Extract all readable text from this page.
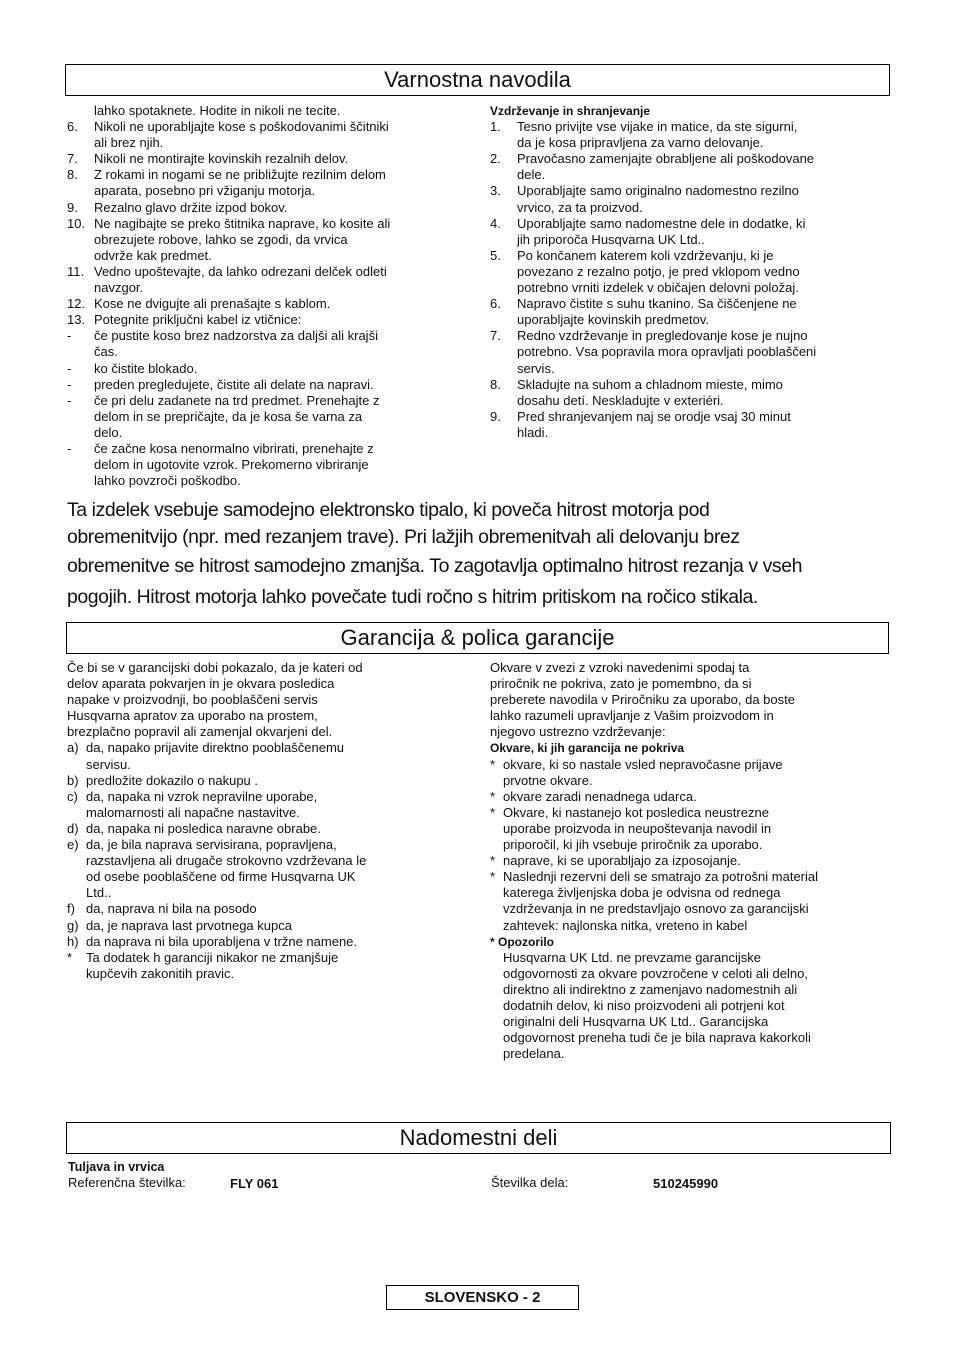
Varnostna navodila
lahko spotaknete. Hodite in nikoli ne tecite.
6. Nikoli ne uporabljajte kose s poškodovanimi ščitniki
ali brez njih.
7. Nikoli ne montirajte kovinskih rezalnih delov.
8. Z rokami in nogami se ne približujte rezilnim delom
aparata, posebno pri vžiganju motorja.
9. Rezalno glavo držite izpod bokov.
10. Ne nagibajte se preko štitnika naprave, ko kosite ali
obrezujete robove, lahko se zgodi, da vrvica
odvrže kak predmet.
11. Vedno upoštevajte, da lahko odrezani delček odleti
navzgor.
12. Kose ne dvigujte ali prenašajte s kablom.
13. Potegnite priključni kabel iz vtičnice:
- če pustite koso brez nadzorstva za daljši ali krajši
čas.
- ko čistite blokado.
- preden pregledujete, čistite ali delate na napravi.
- če pri delu zadanete na trd predmet. Prenehajte z
delom in se prepričajte, da je kosa še varna za
delo.
- če začne kosa nenormalno vibrirati, prenehajte z
delom in ugotovite vzrok. Prekomerno vibriranje
lahko povzroči poškodbo.
Vzdrževanje in shranjevanje
1. Tesno privijte vse vijake in matice, da ste sigurni,
da je kosa pripravljena za varno delovanje.
2. Pravočasno zamenjajte obrabljene ali poškodovane
dele.
3. Uporabljajte samo originalno nadomestno rezilno
vrvico, za ta proizvod.
4. Uporabljajte samo nadomestne dele in dodatke, ki
jih priporoča Husqvarna UK Ltd..
5. Po končanem katerem koli vzdrževanju, ki je
povezano z rezalno potjo, je pred vklopom vedno
potrebno vrniti izdelek v običajen delovni položaj.
6. Napravo čistite s suhu tkanino. Sa čiščenjene ne
uporabljajte kovinskih predmetov.
7. Redno vzdrževanje in pregledovanje kose je nujno
potrebno. Vsa popravila mora opravljati pooblaščeni
servis.
8. Skladujte na suhom a chladnom mieste, mimo
dosahu detí. Neskladujte v exteriéri.
9. Pred shranjevanjem naj se orodje vsaj 30 minut
hladi.

Ta izdelek vsebuje samodejno elektronsko tipalo, ki poveča hitrost motorja pod

obremenitvijo (npr. med rezanjem trave). Pri lažjih obremenitvah ali delovanju brez

obremenitve se hitrost samodejno zmanjša. To zagotavlja optimalno hitrost rezanja v vseh

pogojih. Hitrost motorja lahko povečate tudi ročno s hitrim pritiskom na ročico stikala.

Garancija & polica garancije
Če bi se v garancijski dobi pokazalo, da je kateri od
delov aparata pokvarjen in je okvara posledica
napake v proizvodnji, bo pooblaščeni servis
Husqvarna apratov za uporabo na prostem,
brezplačno popravil ali zamenjal okvarjeni del.
a) da, napako prijavite direktno pooblaščenemu
servisu.
b) predložite dokazilo o nakupu .
c) da, napaka ni vzrok nepravilne uporabe,
malomarnosti ali napačne nastavitve.
d) da, napaka ni posledica naravne obrabe.
e) da, je bila naprava servisirana, popravljena,
razstavljena ali drugače strokovno vzdrževana le
od osebe pooblaščene od firme Husqvarna UK
Ltd..
f) da, naprava ni bila na posodo
g) da, je naprava last prvotnega kupca
h) da naprava ni bila uporabljena v tržne namene.
* Ta dodatek h garanciji nikakor ne zmanjšuje
kupčevih zakonitih pravic.
Okvare v zvezi z vzroki navedenimi spodaj ta
priročnik ne pokriva, zato je pomembno, da si
preberete navodila v Priročniku za uporabo, da boste
lahko razumeli upravljanje z Vašim proizvodom in
njegovo ustrezno vzdrževanje:
Okvare, ki jih garancija ne pokriva
* okvare, ki so nastale vsled nepravočasne prijave
prvotne okvare.
* okvare zaradi nenadnega udarca.
* Okvare, ki nastanejo kot posledica neustrezne
uporabe proizvoda in neupoštevanja navodil in
priporočil, ki jih vsebuje priročnik za uporabo.
* naprave, ki se uporabljajo za izposojanje.
* Naslednji rezervni deli se smatrajo za potrošni material
katerega življenjska doba je odvisna od rednega
vzdrževanja in ne predstavljajo osnovo za garancijski
zahtevek: najlonska nitka, vreteno in kabel
* Opozorilo
Husqvarna UK Ltd. ne prevzame garancijske
odgovornosti za okvare povzročene v celoti ali delno,
direktno ali indirektno z zamenjavo nadomestnih ali
dodatnih delov, ki niso proizvodeni ali potrjeni kot
originalni deli Husqvarna UK Ltd.. Garancijska
odgovornost preneha tudi če je bila naprava kakorkoli
predelana.
Nadomestni deli
Tuljava in vrvica
Referenčna številka:	FLY 061	Številka dela:	510245990
SLOVENSKO - 2
